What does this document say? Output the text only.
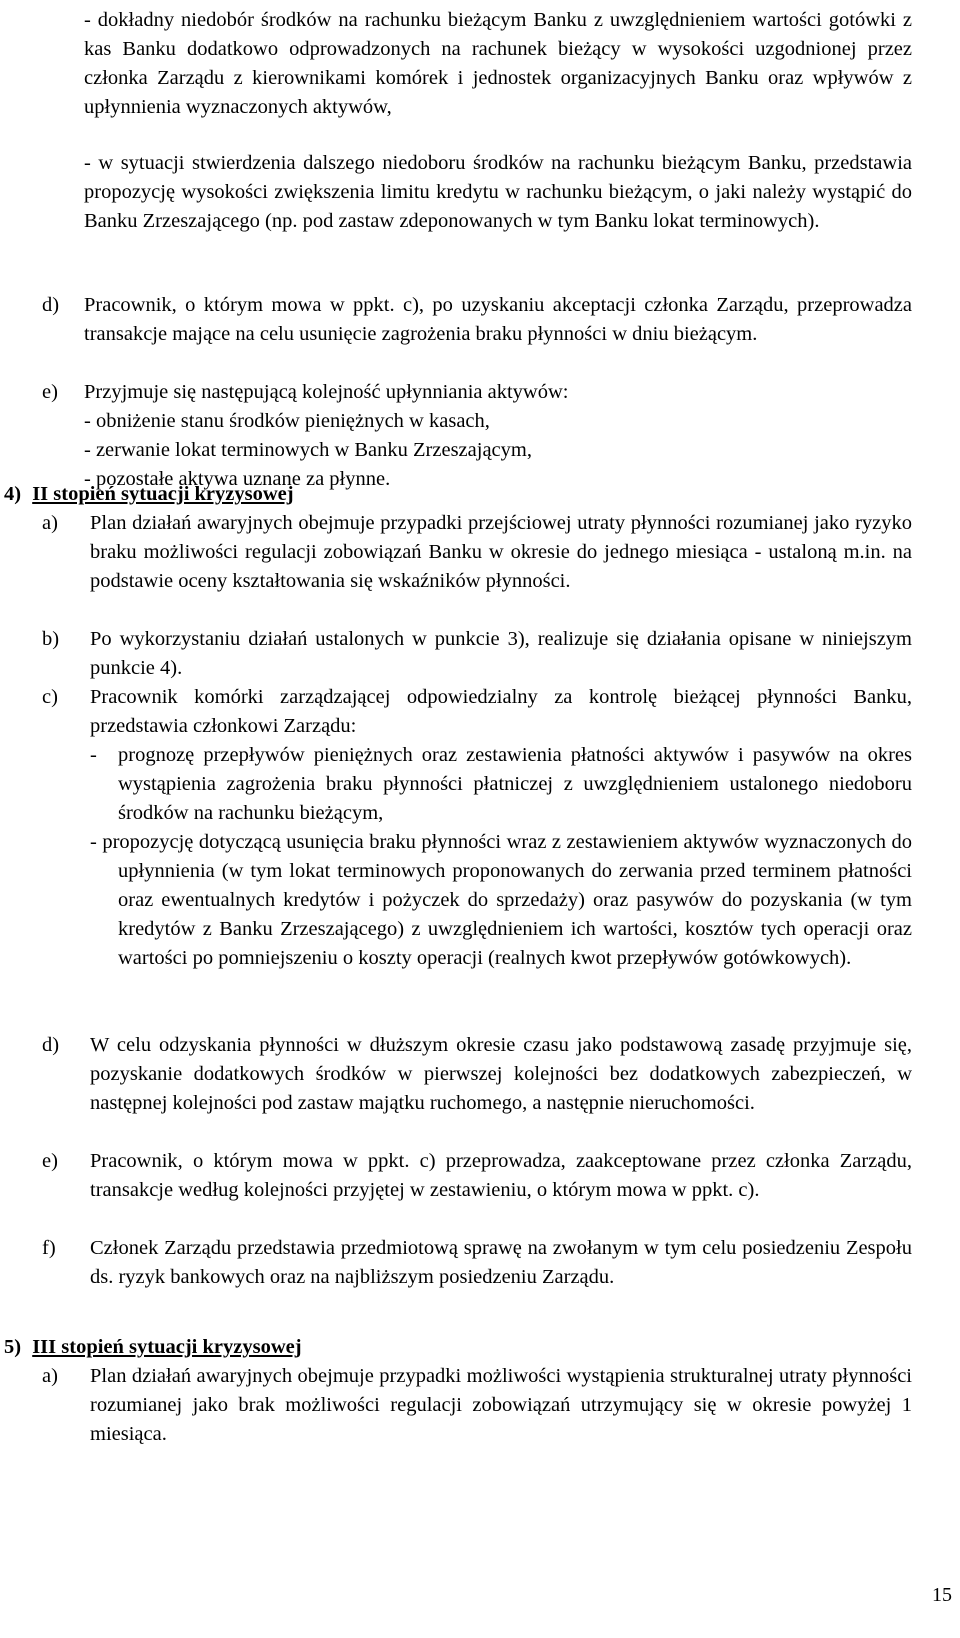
- dokładny niedobór środków na rachunku bieżącym Banku z uwzględnieniem wartości gotówki z kas Banku dodatkowo odprowadzonych na rachunek bieżący w wysokości uzgodnionej przez członka Zarządu z kierownikami komórek i jednostek organizacyjnych Banku oraz wpływów z upłynnienia wyznaczonych aktywów,

- w sytuacji stwierdzenia dalszego niedoboru środków na rachunku bieżącym Banku, przedstawia propozycję wysokości zwiększenia limitu kredytu w rachunku bieżącym, o jaki należy wystąpić do Banku Zrzeszającego (np. pod zastaw zdeponowanych w tym Banku lokat terminowych).

d) Pracownik, o którym mowa w ppkt. c), po uzyskaniu akceptacji członka Zarządu, przeprowadza transakcje mające na celu usunięcie zagrożenia braku płynności w dniu bieżącym.

e) Przyjmuje się następującą kolejność upłynniania aktywów:

- obniżenie stanu środków pieniężnych w kasach,
- zerwanie lokat terminowych w Banku Zrzeszającym,
- pozostałe aktywa uznane za płynne.
4) II stopień sytuacji kryzysowej
a) Plan działań awaryjnych obejmuje przypadki przejściowej utraty płynności rozumianej jako ryzyko braku możliwości regulacji zobowiązań Banku w okresie do jednego miesiąca - ustaloną m.in. na podstawie oceny kształtowania się wskaźników płynności.

b) Po wykorzystaniu działań ustalonych w punkcie 3), realizuje się działania opisane w niniejszym punkcie 4).

c) Pracownik komórki zarządzającej odpowiedzialny za kontrolę bieżącej płynności Banku, przedstawia członkowi Zarządu:

- prognozę przepływów pieniężnych oraz zestawienia płatności aktywów i pasywów na okres wystąpienia zagrożenia braku płynności płatniczej z uwzględnieniem ustalonego niedoboru środków na rachunku bieżącym,

- propozycję dotyczącą usunięcia braku płynności wraz z zestawieniem aktywów wyznaczonych do upłynnienia (w tym lokat terminowych proponowanych do zerwania przed terminem płatności oraz ewentualnych kredytów i pożyczek do sprzedaży) oraz pasywów do pozyskania (w tym kredytów z Banku Zrzeszającego) z uwzględnieniem ich wartości, kosztów tych operacji oraz wartości po pomniejszeniu o koszty operacji (realnych kwot przepływów gotówkowych).

d) W celu odzyskania płynności w dłuższym okresie czasu jako podstawową zasadę przyjmuje się, pozyskanie dodatkowych środków w pierwszej kolejności bez dodatkowych zabezpieczeń, w następnej kolejności pod zastaw majątku ruchomego, a następnie nieruchomości.

e) Pracownik, o którym mowa w ppkt. c) przeprowadza, zaakceptowane przez członka Zarządu, transakcje według kolejności przyjętej w zestawieniu, o którym mowa w ppkt. c).

f) Członek Zarządu przedstawia przedmiotową sprawę na zwołanym w tym celu posiedzeniu Zespołu ds. ryzyk bankowych oraz na najbliższym posiedzeniu Zarządu.

5) III stopień sytuacji kryzysowej
a) Plan działań awaryjnych obejmuje przypadki możliwości wystąpienia strukturalnej utraty płynności rozumianej jako brak możliwości regulacji zobowiązań utrzymujący się w okresie powyżej 1 miesiąca.

15
